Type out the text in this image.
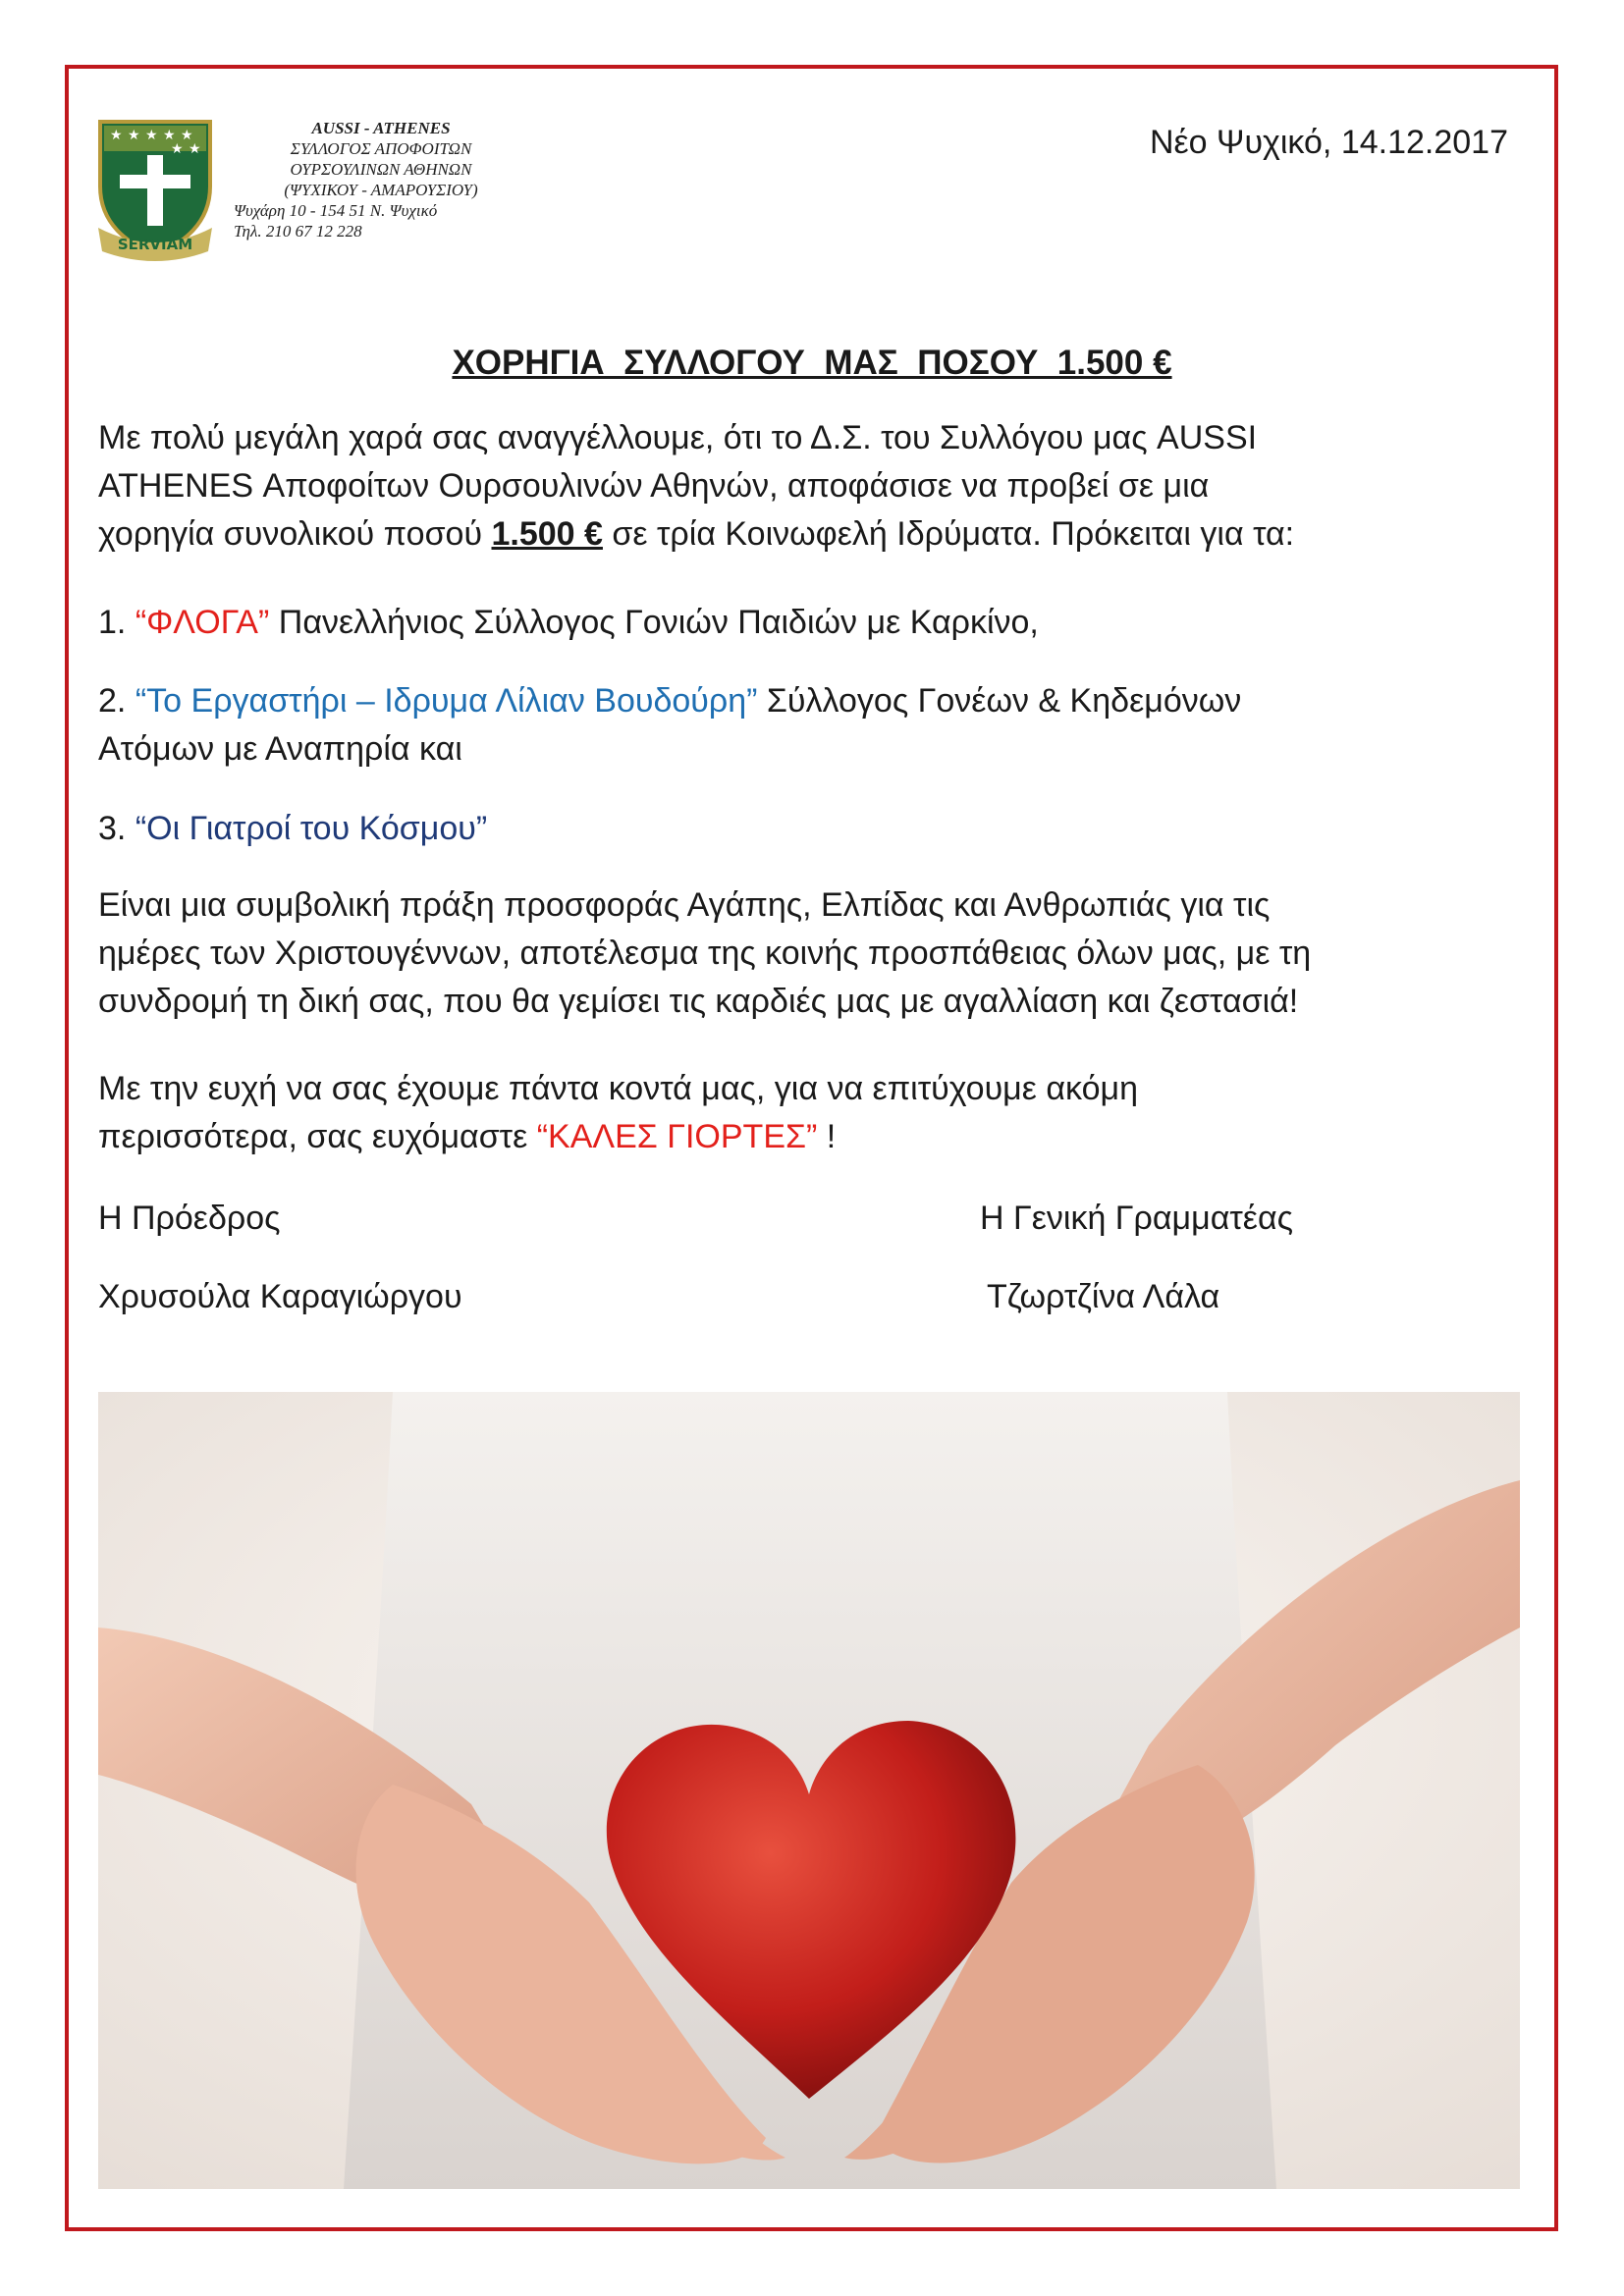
★ ★ ★ ★ ★
★ ★
SERVIAM
AUSSI - ATHENES
ΣΥΛΛΟΓΟΣ ΑΠΟΦΟΙΤΩΝ
ΟΥΡΣΟΥΛΙΝΩΝ ΑΘΗΝΩΝ
(ΨΥΧΙΚΟΥ - ΑΜΑΡΟΥΣΙΟΥ)
Ψυχάρη 10 - 154 51 Ν. Ψυχικό
Τηλ. 210 67 12 228
Νέο Ψυχικό, 14.12.2017
ΧΟΡΗΓΙΑ  ΣΥΛΛΟΓΟΥ  ΜΑΣ  ΠΟΣΟΥ  1.500 €

Με πολύ μεγάλη χαρά σας αναγγέλλουμε, ότι το Δ.Σ. του Συλλόγου μας AUSSI

ATHENES Αποφοίτων Ουρσουλινών Αθηνών, αποφάσισε να προβεί σε μια

χορηγία συνολικού ποσού 1.500 € σε τρία Κοινωφελή Ιδρύματα. Πρόκειται για τα:

1. “ΦΛΟΓΑ” Πανελλήνιος Σύλλογος Γονιών Παιδιών με Καρκίνο,

2. “Το Εργαστήρι – Ιδρυμα Λίλιαν Βουδούρη” Σύλλογος Γονέων & Κηδεμόνων

Ατόμων με Αναπηρία και

3. “Οι Γιατροί του Κόσμου”

Είναι μια συμβολική πράξη προσφοράς Αγάπης, Ελπίδας και Ανθρωπιάς για τις

ημέρες των Χριστουγέννων, αποτέλεσμα της κοινής προσπάθειας όλων μας, με τη

συνδρομή τη δική σας, που θα γεμίσει τις καρδιές μας με αγαλλίαση και ζεστασιά!

Με την ευχή να σας έχουμε πάντα κοντά μας, για να επιτύχουμε ακόμη

περισσότερα, σας ευχόμαστε “ΚΑΛΕΣ ΓΙΟΡΤΕΣ” !

Η Πρόεδρος
Χρυσούλα Καραγιώργου
Η Γενική Γραμματέας
Τζωρτζίνα Λάλα
